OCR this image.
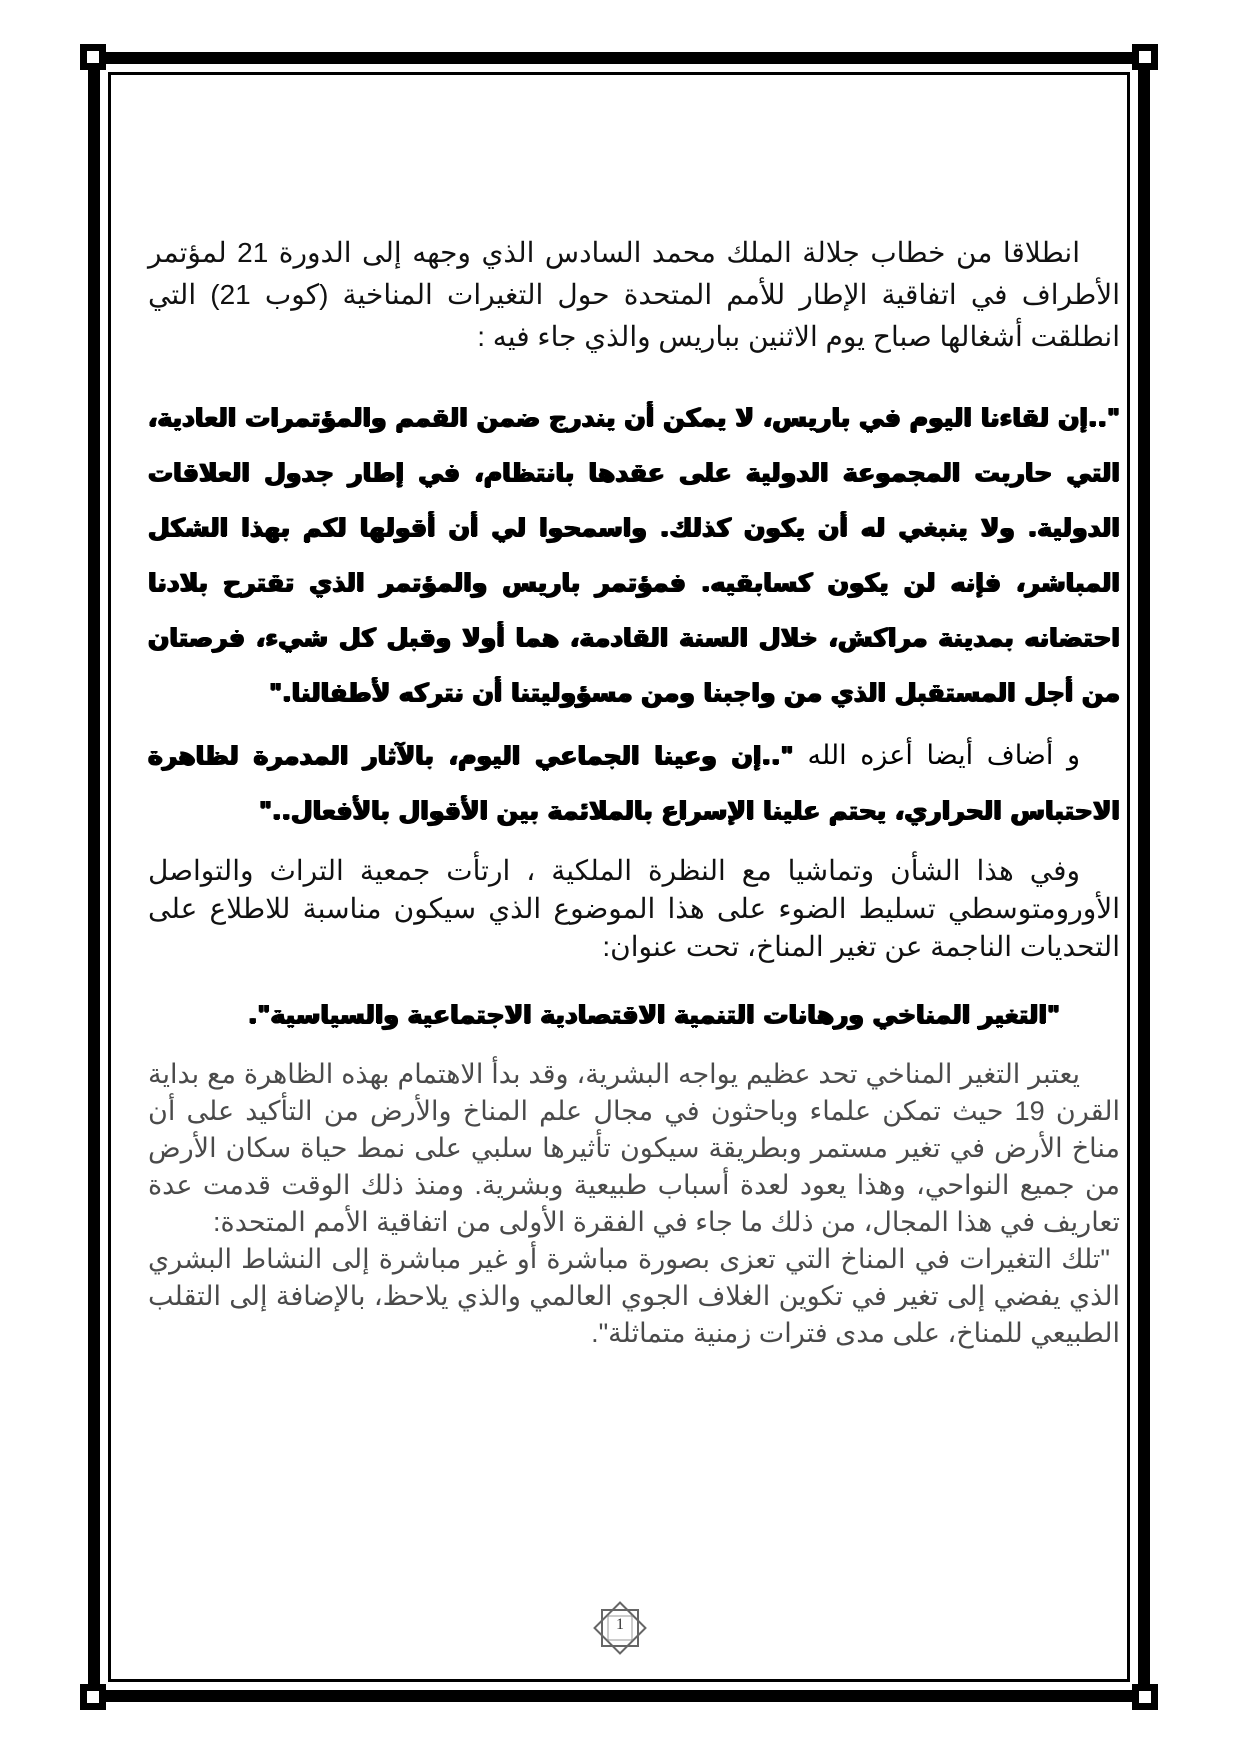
انطلاقا من خطاب جلالة الملك محمد السادس الذي وجهه إلى الدورة 21 لمؤتمر الأطراف في اتفاقية الإطار للأمم المتحدة حول التغيرات المناخية (كوب 21) التي انطلقت أشغالها صباح يوم الاثنين بباريس والذي جاء فيه :

"..إن لقاءنا اليوم في باريس، لا يمكن أن يندرج ضمن القمم والمؤتمرات العادية، التي حاربت المجموعة الدولية على عقدها بانتظام، في إطار جدول العلاقات الدولية. ولا ينبغي له أن يكون كذلك. واسمحوا لي أن أقولها لكم بهذا الشكل المباشر، فإنه لن يكون كسابقيه. فمؤتمر باريس والمؤتمر الذي تقترح بلادنا احتضانه بمدينة مراكش، خلال السنة القادمة، هما أولا وقبل كل شيء، فرصتان من أجل المستقبل الذي من واجبنا ومن مسؤوليتنا أن نتركه لأطفالنا."

و أضاف أيضا أعزه الله "..إن وعينا الجماعي اليوم، بالآثار المدمرة لظاهرة الاحتباس الحراري، يحتم علينا الإسراع بالملائمة بين الأقوال بالأفعال.."

وفي هذا الشأن وتماشيا مع النظرة الملكية ، ارتأت جمعية التراث والتواصل الأورومتوسطي تسليط الضوء على هذا الموضوع الذي سيكون مناسبة للاطلاع على التحديات الناجمة عن تغير المناخ، تحت عنوان:

"التغير المناخي ورهانات التنمية الاقتصادية الاجتماعية والسياسية".

يعتبر التغير المناخي تحد عظيم يواجه البشرية، وقد بدأ الاهتمام بهذه الظاهرة مع بداية القرن 19 حيث تمكن علماء وباحثون في مجال علم المناخ والأرض من التأكيد على أن مناخ الأرض في تغير مستمر وبطريقة سيكون تأثيرها سلبي على نمط حياة سكان الأرض من جميع النواحي، وهذا يعود لعدة أسباب طبيعية وبشرية. ومنذ ذلك الوقت قدمت عدة تعاريف في هذا المجال، من ذلك ما جاء في الفقرة الأولى من اتفاقية الأمم المتحدة:

"تلك التغيرات في المناخ التي تعزى بصورة مباشرة أو غير مباشرة إلى النشاط البشري الذي يفضي إلى تغير في تكوين الغلاف الجوي العالمي والذي يلاحظ، بالإضافة إلى التقلب الطبيعي للمناخ، على مدى فترات زمنية متماثلة".

1
